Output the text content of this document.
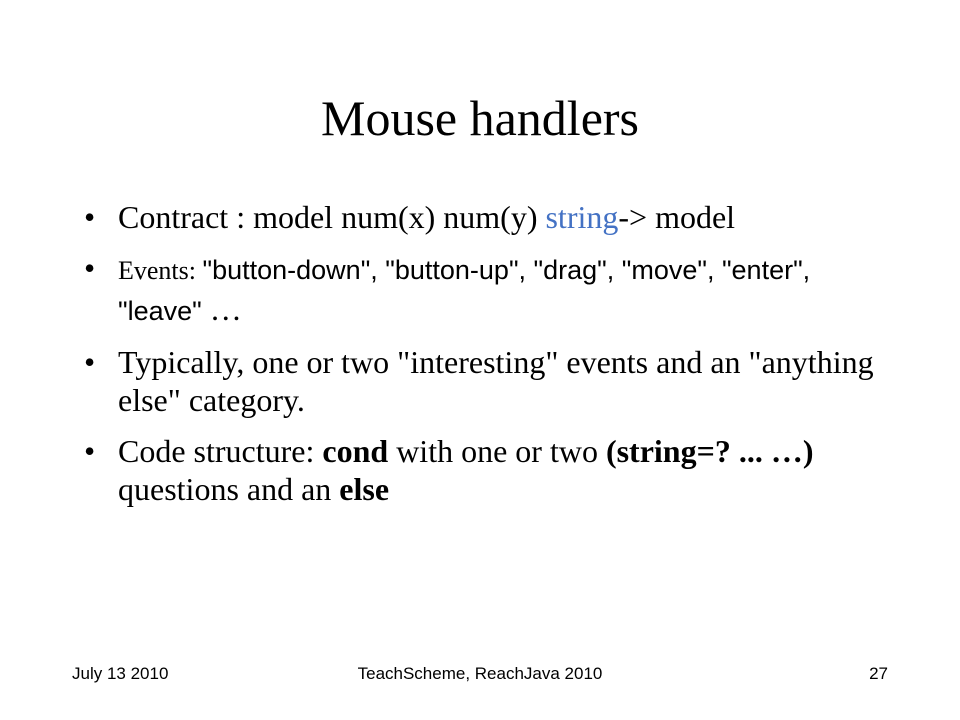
Mouse handlers
• Contract : model num(x) num(y) string-> model
• Events: "button-down", "button-up", "drag", "move", "enter", "leave" …
• Typically, one or two "interesting" events and an "anything else" category.
• Code structure: cond with one or two (string=? ... …) questions and an else
July 13 2010	TeachScheme, ReachJava 2010	27
